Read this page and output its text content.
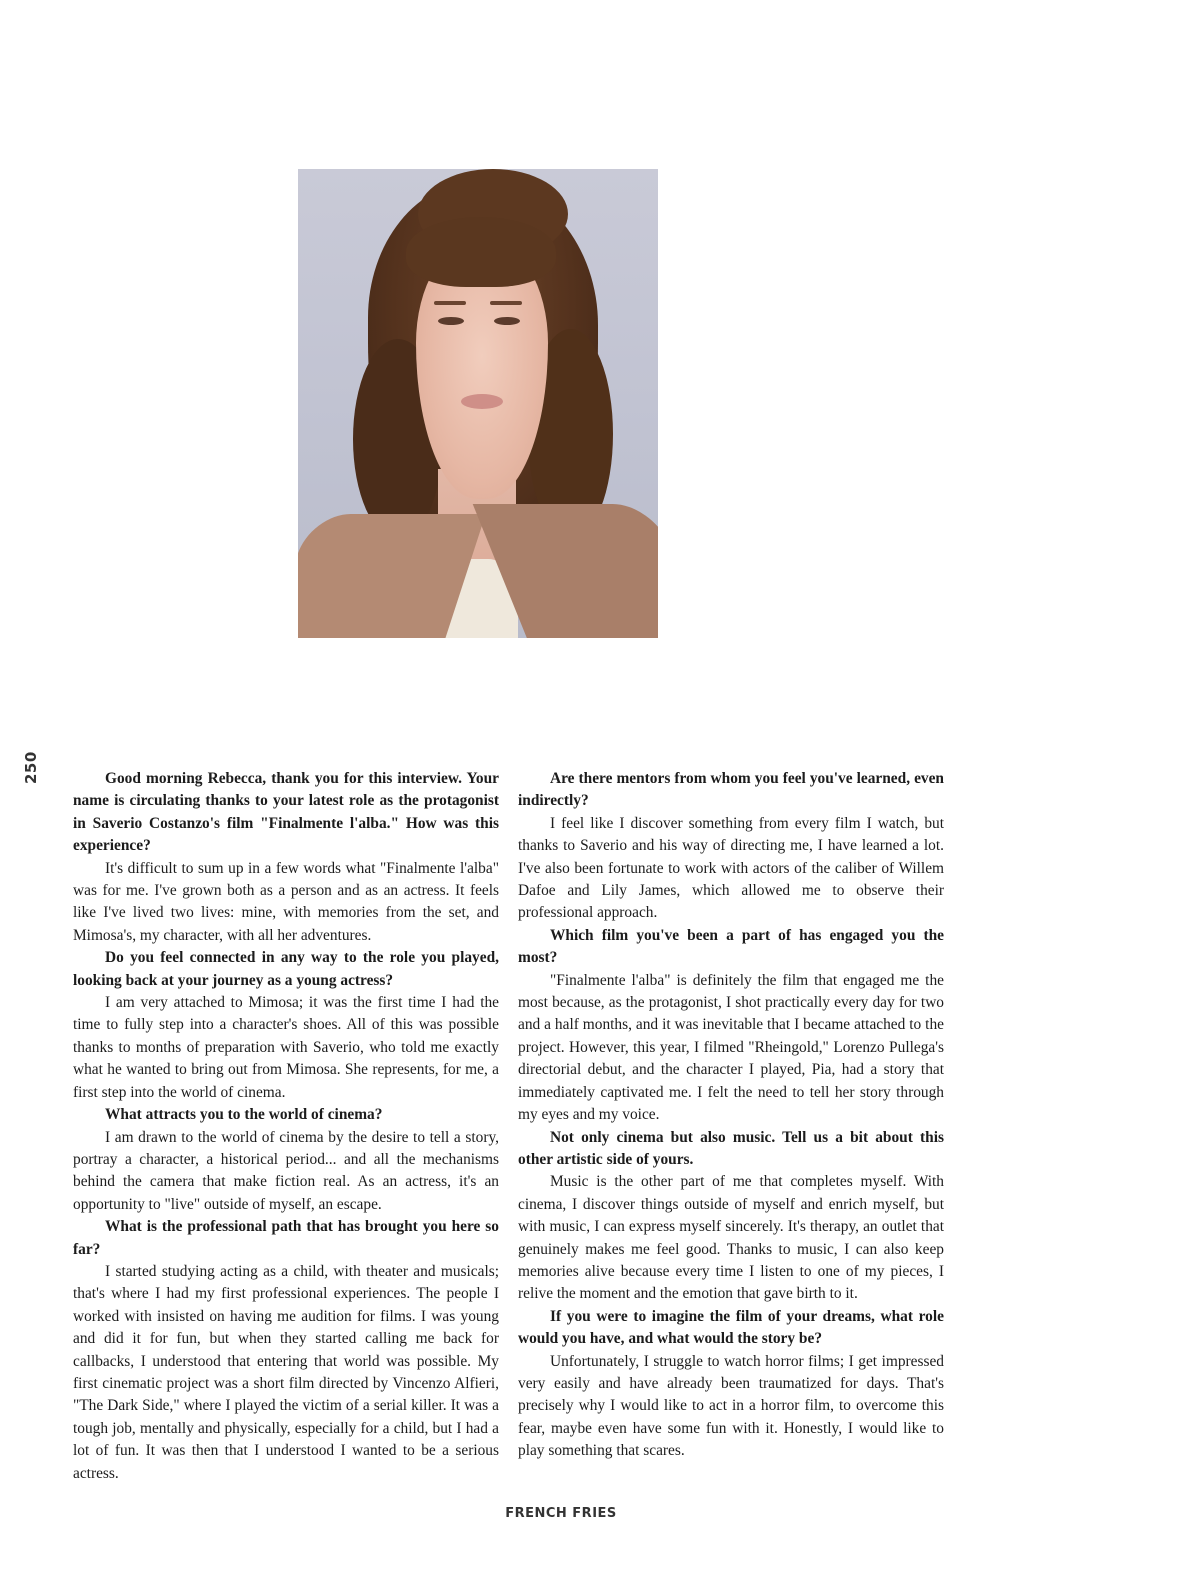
250	Good morning Rebecca, thank you for this interview. Your name is circulating thanks to your latest role as the protagonist in Saverio Costanzo's film "Finalmente l'alba." How was this experience?

It's difficult to sum up in a few words what "Finalmente l'alba" was for me. I've grown both as a person and as an actress. It feels like I've lived two lives: mine, with memories from the set, and Mimosa's, my character, with all her adventures.

Do you feel connected in any way to the role you played, looking back at your journey as a young actress?

I am very attached to Mimosa; it was the first time I had the time to fully step into a character's shoes. All of this was possible thanks to months of preparation with Saverio, who told me exactly what he wanted to bring out from Mimosa. She represents, for me, a first step into the world of cinema.

What attracts you to the world of cinema?

I am drawn to the world of cinema by the desire to tell a story, portray a character, a historical period... and all the mechanisms behind the camera that make fiction real. As an actress, it's an opportunity to "live" outside of myself, an escape.

What is the professional path that has brought you here so far?

I started studying acting as a child, with theater and musicals; that's where I had my first professional experiences. The people I worked with insisted on having me audition for films. I was young and did it for fun, but when they started calling me back for callbacks, I understood that entering that world was possible. My first cinematic project was a short film directed by Vincenzo Alfieri, "The Dark Side," where I played the victim of a serial killer. It was a tough job, mentally and physically, especially for a child, but I had a lot of fun. It was then that I understood I wanted to be a serious actress.

Are there mentors from whom you feel you've learned, even indirectly?

I feel like I discover something from every film I watch, but thanks to Saverio and his way of directing me, I have learned a lot. I've also been fortunate to work with actors of the caliber of Willem Dafoe and Lily James, which allowed me to observe their professional approach.

Which film you've been a part of has engaged you the most?

"Finalmente l'alba" is definitely the film that engaged me the most because, as the protagonist, I shot practically every day for two and a half months, and it was inevitable that I became attached to the project. However, this year, I filmed "Rheingold," Lorenzo Pullega's directorial debut, and the character I played, Pia, had a story that immediately captivated me. I felt the need to tell her story through my eyes and my voice.

Not only cinema but also music. Tell us a bit about this other artistic side of yours.

Music is the other part of me that completes myself. With cinema, I discover things outside of myself and enrich myself, but with music, I can express myself sincerely. It's therapy, an outlet that genuinely makes me feel good. Thanks to music, I can also keep memories alive because every time I listen to one of my pieces, I relive the moment and the emotion that gave birth to it.

If you were to imagine the film of your dreams, what role would you have, and what would the story be?

Unfortunately, I struggle to watch horror films; I get impressed very easily and have already been traumatized for days. That's precisely why I would like to act in a horror film, to overcome this fear, maybe even have some fun with it. Honestly, I would like to play something that scares.

FRENCH FRIES
